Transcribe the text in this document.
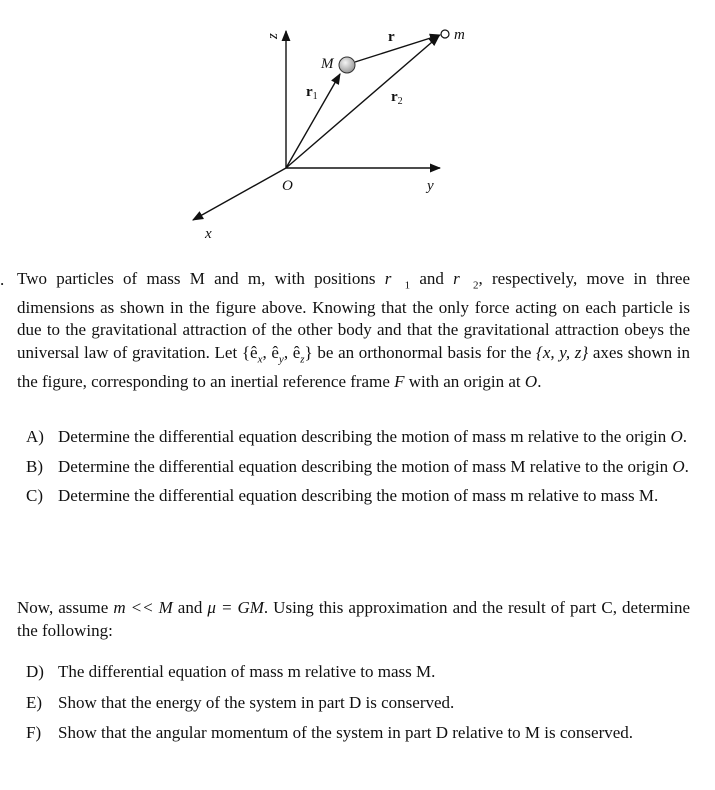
z
y
x
O
M
m
r
$r_1$	$r_2$
. Two particles of mass M and m, with positions $r⃗_1$ and $r⃗_2$, respectively, move in three dimensions as shown in the figure above. Knowing that the only force acting on each particle is due to the gravitational attraction of the other body and that the gravitational attraction obeys the universal law of gravitation. Let {$ê_x$, $ê_y$, $ê_z$} be an orthonormal basis for the {x, y, z} axes shown in the figure, corresponding to an inertial reference frame F with an origin at O.
A) Determine the differential equation describing the motion of mass m relative to the origin O.
B) Determine the differential equation describing the motion of mass M relative to the origin O.
C) Determine the differential equation describing the motion of mass m relative to mass M.
Now, assume m << M and μ = GM. Using this approximation and the result of part C, determine the following:
D) The differential equation of mass m relative to mass M.
E) Show that the energy of the system in part D is conserved.
F) Show that the angular momentum of the system in part D relative to M is conserved.
